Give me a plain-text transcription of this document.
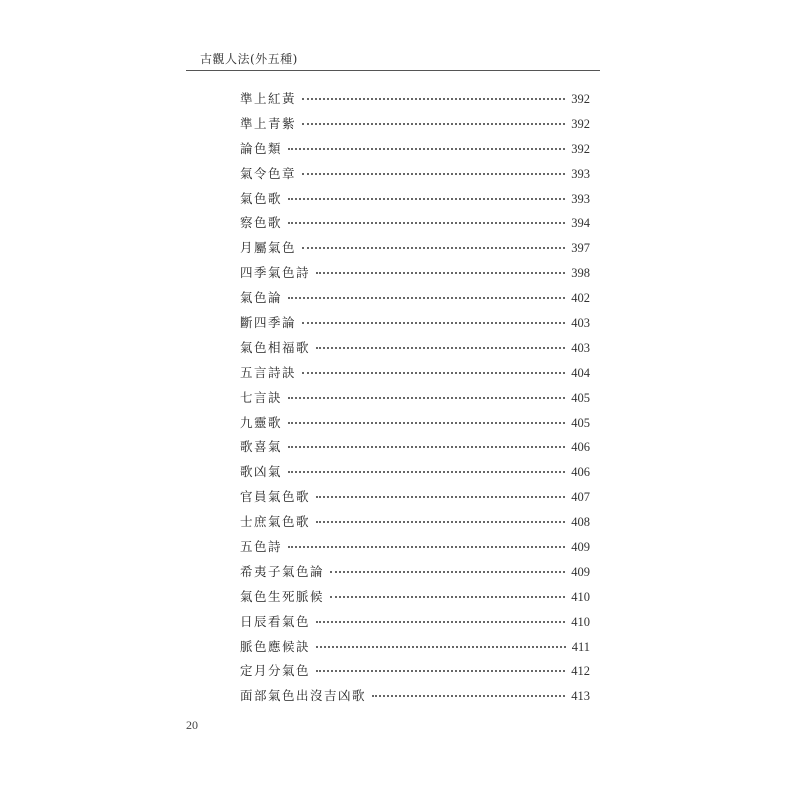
古觀人法(外五種)
準上紅黃	392
準上青紫	392
論色類	392
氣令色章	393
氣色歌	393
察色歌	394
月屬氣色	397
四季氣色詩	398
氣色論	402
斷四季論	403
氣色相福歌	403
五言詩訣	404
七言訣	405
九靈歌	405
歌喜氣	406
歌凶氣	406
官員氣色歌	407
士庶氣色歌	408
五色詩	409
希夷子氣色論	409
氣色生死脈候	410
日辰看氣色	410
脈色應候訣	411
定月分氣色	412
面部氣色出沒吉凶歌	413
20
